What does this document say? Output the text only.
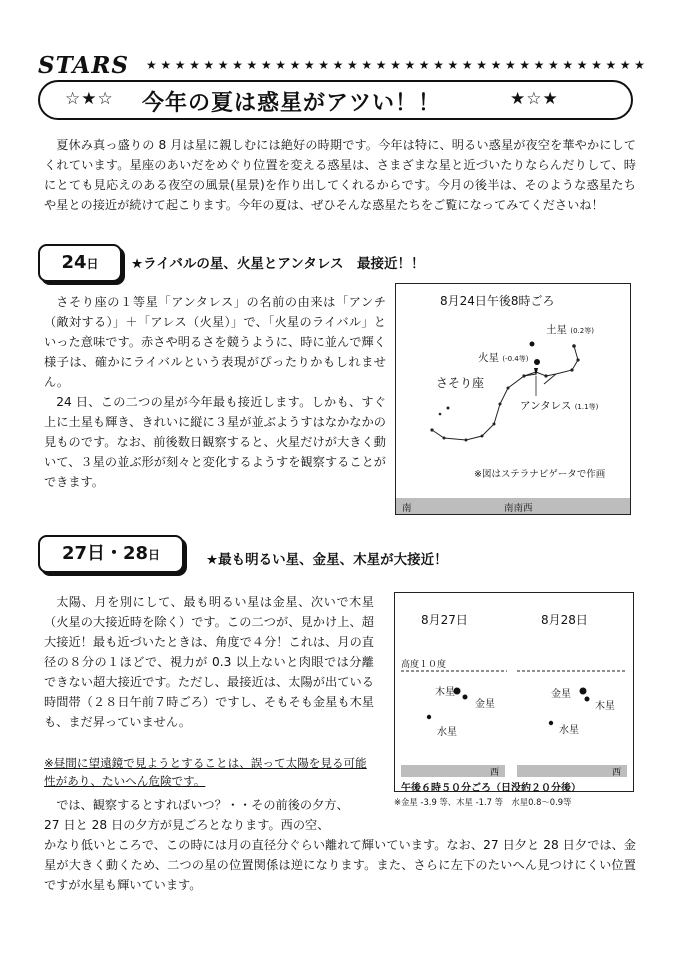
STARS ★★★★★★★★★★★★★★★★★★★★★★★★★★★★★★★★★★★
☆★☆ 今年の夏は惑星がアツい！！	★☆★

夏休み真っ盛りの 8 月は星に親しむには絶好の時期です。今年は特に、明るい惑星が夜空を華やかにしてくれています。星座のあいだをめぐり位置を変える惑星は、さまざまな星と近づいたりならんだりして、時にとても見応えのある夜空の風景(星景)を作り出してくれるからです。今月の後半は、そのような惑星たちや星との接近が続けて起こります。今年の夏は、ぜひそんな惑星たちをご覧になってみてくださいね！

24日	★ライバルの星、火星とアンタレス　最接近！！

さそり座の１等星「アンタレス」の名前の由来は「アンチ（敵対する）」＋「アレス（火星）」で、「火星のライバル」といった意味です。赤さや明るさを競うように、時に並んで輝く様子は、確かにライバルという表現がぴったりかもしれません。

24 日、この二つの星が今年最も接近します。しかも、すぐ上に土星も輝き、きれいに縦に３星が並ぶようすはなかなかの見ものです。なお、前後数日観察すると、火星だけが大きく動いて、３星の並ぶ形が刻々と変化するようすを観察することができます。

8月24日午後8時ごろ
土星 (0.2等)
火星 (-0.4等)
さそり座
アンタレス (1.1等)
※図はステラナビゲータで作画
南	南南西
27日・28日	★最も明るい星、金星、木星が大接近！

太陽、月を別にして、最も明るい星は金星、次いで木星（火星の大接近時を除く）です。この二つが、見かけ上、超大接近！最も近づいたときは、角度で４分！これは、月の直径の８分の１ほどで、視力が 0.3 以上ないと肉眼では分離できない超大接近です。ただし、最接近は、太陽が出ている時間帯（２８日午前７時ごろ）ですし、そもそも金星も木星も、まだ昇っていません。

※昼間に望遠鏡で見ようとすることは、誤って太陽を見る可能性があり、たいへん危険です。

では、観察するとすればいつ？・・その前後の夕方、

27 日と 28 日の夕方が見ごろとなります。西の空、

かなり低いところで、この時には月の直径分ぐらい離れて輝いています。なお、27 日夕と 28 日夕では、金星が大きく動くため、二つの星の位置関係は逆になります。また、さらに左下のたいへん見つけにくい位置ですが水星も輝いています。

8月27日	8月28日
高度１０度
木星
金星
水星
金星
木星
水星
西	西
午後６時５０分ごろ（日没約２０分後）
※金星 -3.9 等、木星 -1.7 等　水星0.8～0.9等
